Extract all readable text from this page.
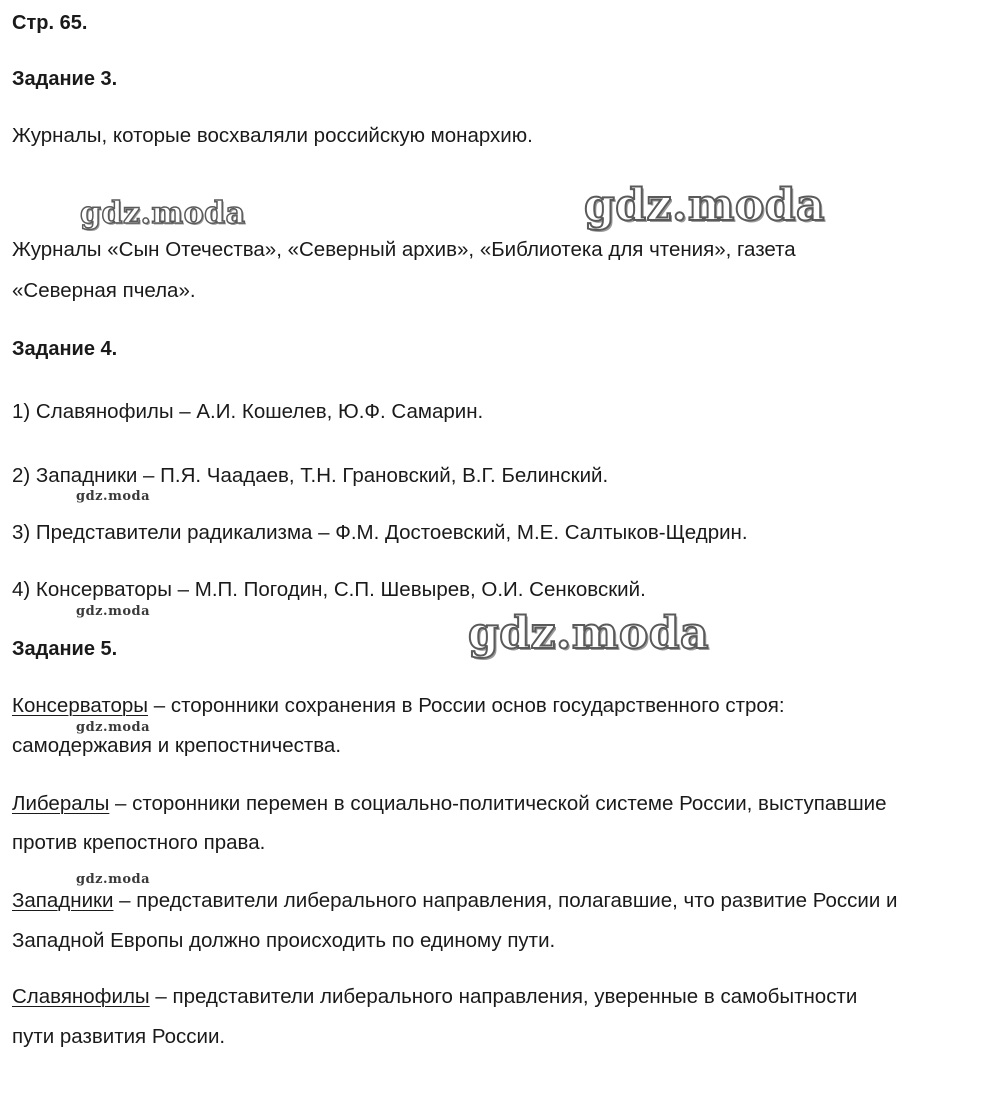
Стр. 65.

Задание 3.

Журналы, которые восхваляли российскую монархию.

Журналы «Сын Отечества», «Северный архив», «Библиотека для чтения», газета

«Северная пчела».

Задание 4.

1) Славянофилы – А.И. Кошелев, Ю.Ф. Самарин.

2) Западники – П.Я. Чаадаев, Т.Н. Грановский, В.Г. Белинский.

3) Представители радикализма – Ф.М. Достоевский, М.Е. Салтыков-Щедрин.

4) Консерваторы – М.П. Погодин, С.П. Шевырев, О.И. Сенковский.

Задание 5.

Консерваторы – сторонники сохранения в России основ государственного строя:

самодержавия и крепостничества.

Либералы – сторонники перемен в социально-политической системе России, выступавшие

против крепостного права.

Западники – представители либерального направления, полагавшие, что развитие России и

Западной Европы должно происходить по единому пути.

Славянофилы – представители либерального направления, уверенные в самобытности

пути развития России.

gdz.moda	gdz.moda
gdz.moda
gdz.moda
gdz.moda
gdz.moda
gdz.moda
